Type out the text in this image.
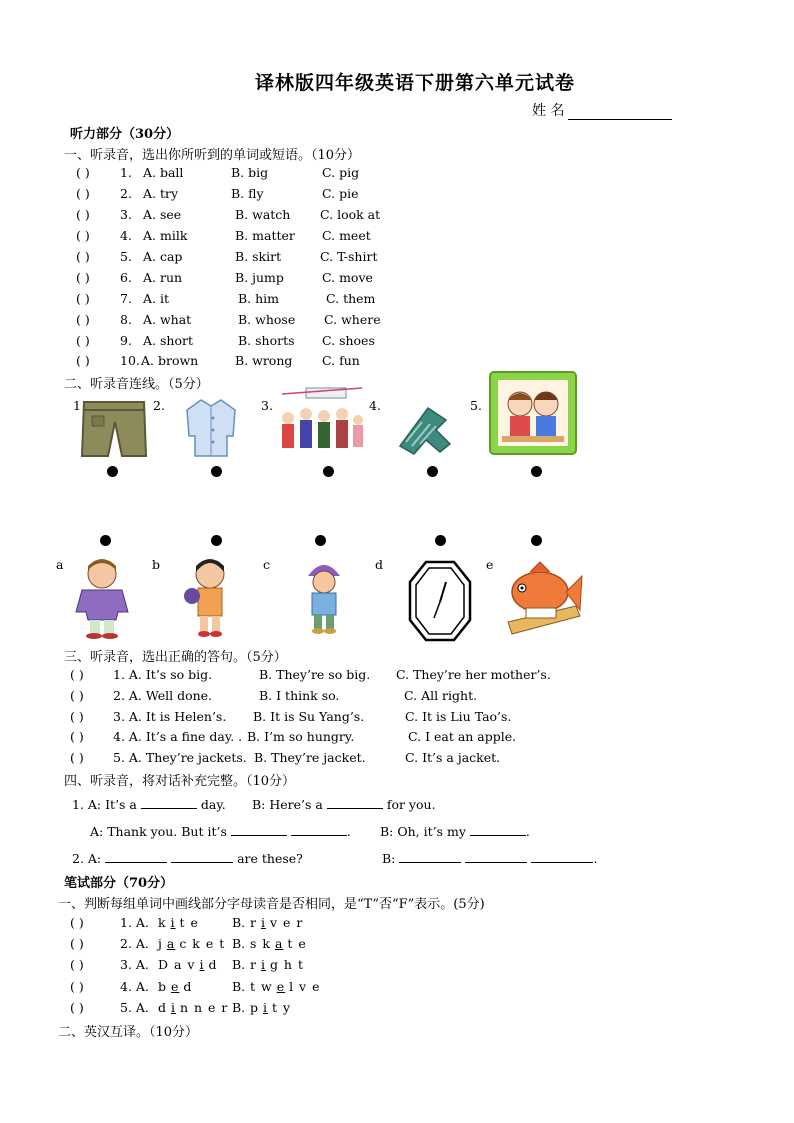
译林版四年级英语下册第六单元试卷
姓 名
听力部分（30分）
一、听录音，选出你所听到的单词或短语。（10分）
( ) 1. A. ball	B. big	C. pig
( ) 2. A. try	B. fly	C. pie
( ) 3. A. see	B. watch C. look at
( ) 4. A. milk	B. matter C. meet
( ) 5. A. cap	B. skirt	C. T-shirt
( ) 6. A. run	B. jump	C. move
( ) 7. A. it	B. him	C. them
( ) 8. A. what	B. whose C. where
( ) 9. A. short	B. shorts C. shoes
( ) 10. A. brown	B. wrong C. fun
二、听录音连线。（5分）
1	2.	3.	4.	5.
a	b	c	d	e
三、听录音，选出正确的答句。（5分）
( ) 1. A. It’s so big.	B. They’re so big. C. They’re her mother’s.
( ) 2. A. Well done.	B. I think so.	C. All right.
( ) 3. A. It is Helen’s. B. It is Su Yang’s.	C. It is Liu Tao’s.
( ) 4. A. It’s a fine day. . B. I’m so hungry.	C. I eat an apple.
( ) 5. A. They’re jackets. B. They’re jacket.	C. It’s a jacket.
四、听录音，将对话补充完整。（10分）
1. A: It’s a	day. B: Here’s a	for you.
A: Thank you. But it’s	. B: Oh, it’s my	.
2. A:	are these?	B:	.
笔试部分（70分）
一、判断每组单词中画线部分字母读音是否相同，是“T”否“F”表示。(5分)
( )	1. A. k i t e	B. r i v e r
( )	2. A. j a c k e t B. s k a t e
( )	3. A. D a v i d B. r i g h t
( )	4. A. b e d	B. t w e l v e
( )	5. A. d i n n e r B. p i t y
二、英汉互译。（10分）
